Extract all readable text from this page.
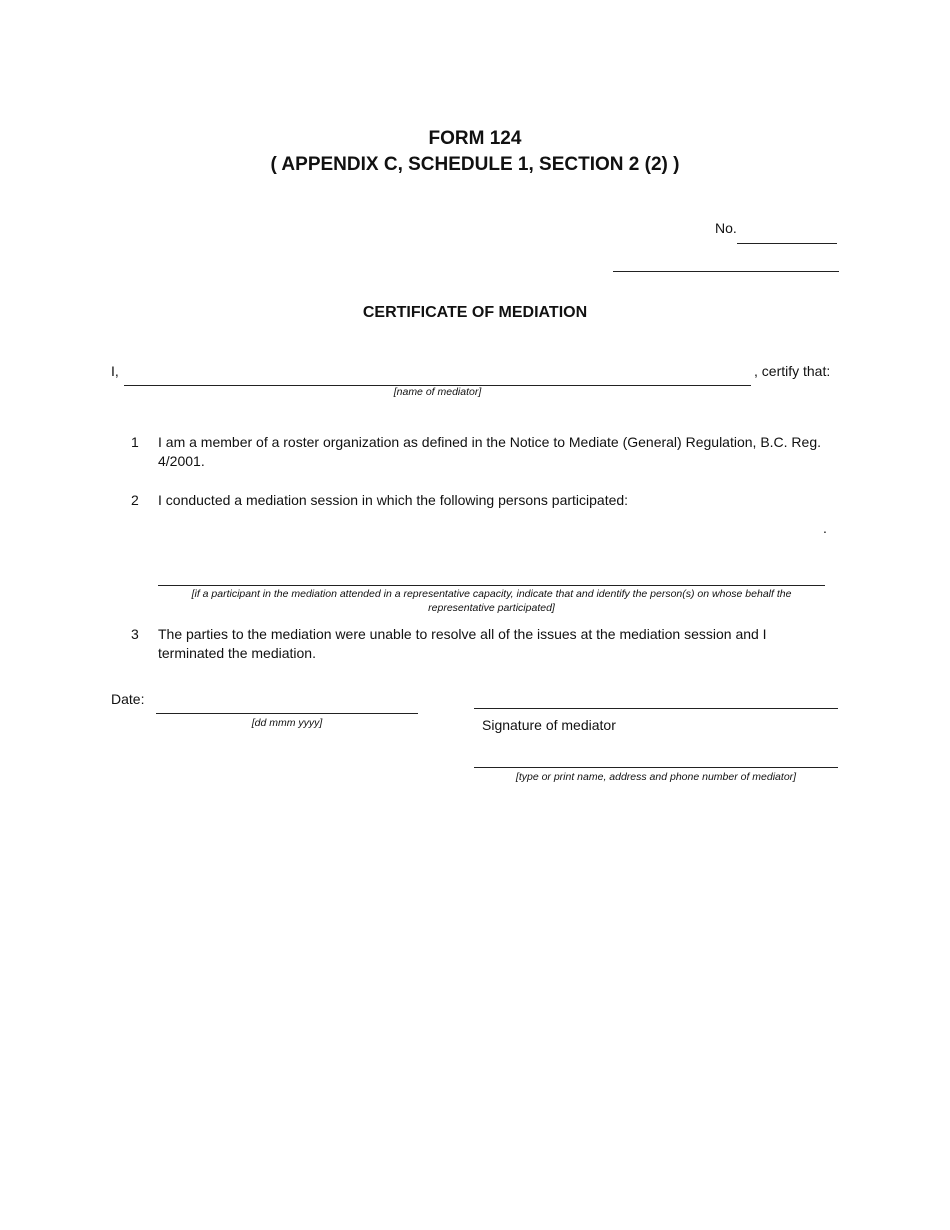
FORM 124
( APPENDIX C, SCHEDULE 1, SECTION 2 (2) )
No.
CERTIFICATE OF MEDIATION
I,	, certify that:
[name of mediator]
1 I am a member of a roster organization as defined in the Notice to Mediate (General) Regulation, B.C. Reg. 4/2001.
2 I conducted a mediation session in which the following persons participated:
.
[if a participant in the mediation attended in a representative capacity, indicate that and identify the person(s) on whose behalf the representative participated]
3 The parties to the mediation were unable to resolve all of the issues at the mediation session and I terminated the mediation.
Date:
[dd mmm yyyy]	Signature of mediator
[type or print name, address and phone number of mediator]
